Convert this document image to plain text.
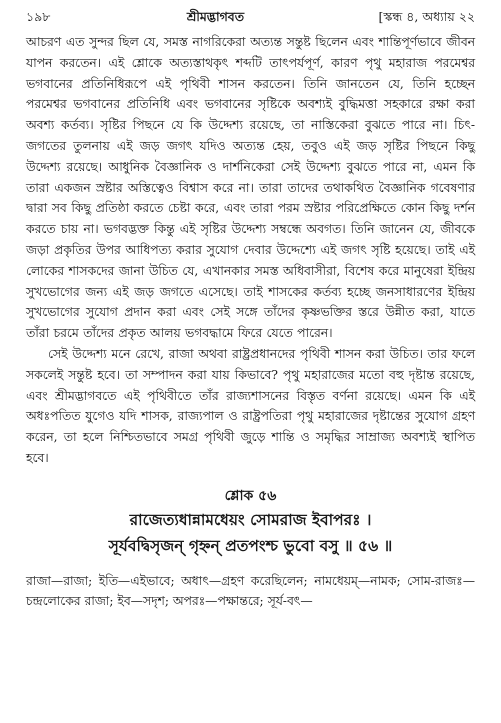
১৯৮	শ্রীমদ্ভাগবত	[স্কন্ধ ৪, অধ্যায় ২২

আচরণ এত সুন্দর ছিল যে, সমস্ত নাগরিকেরা অত্যন্ত সন্তুষ্ট ছিলেন এবং শান্তিপূর্ণভাবে জীবন যাপন করতেন। এই শ্লোকে অত্যস্তাথকৃৎ শব্দটি তাৎপর্যপূর্ণ, কারণ পৃথু মহারাজ পরমেশ্বর ভগবানের প্রতিনিধিরূপে এই পৃথিবী শাসন করতেন। তিনি জানতেন যে, তিনি হচ্ছেন পরমেশ্বর ভগবানের প্রতিনিধি এবং ভগবানের সৃষ্টিকে অবশ্যই বুদ্ধিমত্তা সহকারে রক্ষা করা অবশ্য কর্তব্য। সৃষ্টির পিছনে যে কি উদ্দেশ্য রয়েছে, তা নাস্তিকেরা বুঝতে পারে না। চিৎ-জগতের তুলনায় এই জড় জগৎ যদিও অত্যন্ত হেয়, তবুও এই জড় সৃষ্টির পিছনে কিছু উদ্দেশ্য রয়েছে। আধুনিক বৈজ্ঞানিক ও দার্শনিকেরা সেই উদ্দেশ্য বুঝতে পারে না, এমন কি তারা একজন স্রষ্টার অস্তিত্বেও বিশ্বাস করে না। তারা তাদের তথাকথিত বৈজ্ঞানিক গবেষণার দ্বারা সব কিছু প্রতিষ্ঠা করতে চেষ্টা করে, এবং তারা পরম স্রষ্টার পরিপ্রেক্ষিতে কোন কিছু দর্শন করতে চায় না। ভগবদ্ভক্ত কিন্তু এই সৃষ্টির উদ্দেশ্য সম্বন্ধে অবগত। তিনি জানেন যে, জীবকে জড়া প্রকৃতির উপর আধিপত্য করার সুযোগ দেবার উদ্দেশ্যে এই জগৎ সৃষ্টি হয়েছে। তাই এই লোকের শাসকদের জানা উচিত যে, এখানকার সমস্ত অধিবাসীরা, বিশেষ করে মানুষেরা ইন্দ্রিয় সুখভোগের জন্য এই জড় জগতে এসেছে। তাই শাসকের কর্তব্য হচ্ছে জনসাধারণের ইন্দ্রিয় সুখভোগের সুযোগ প্রদান করা এবং সেই সঙ্গে তাঁদের কৃষ্ণভক্তির স্তরে উন্নীত করা, যাতে তাঁরা চরমে তাঁদের প্রকৃত আলয় ভগবদ্ধামে ফিরে যেতে পারেন।

সেই উদ্দেশ্য মনে রেখে, রাজা অথবা রাষ্ট্রপ্রধানদের পৃথিবী শাসন করা উচিত। তার ফলে সকলেই সন্তুষ্ট হবে। তা সম্পাদন করা যায় কিভাবে? পৃথু মহারাজের মতো বহু দৃষ্টান্ত রয়েছে, এবং শ্রীমদ্ভাগবতে এই পৃথিবীতে তাঁর রাজ্যশাসনের বিস্তৃত বর্ণনা রয়েছে। এমন কি এই অধঃপতিত যুগেও যদি শাসক, রাজ্যপাল ও রাষ্ট্রপতিরা পৃথু মহারাজের দৃষ্টান্তের সুযোগ গ্রহণ করেন, তা হলে নিশ্চিতভাবে সমগ্র পৃথিবী জুড়ে শান্তি ও সমৃদ্ধির সাম্রাজ্য অবশ্যই স্থাপিত হবে।

শ্লোক ৫৬
রাজেত্যধান্নামধেয়ং সোমরাজ ইবাপরঃ ।
সূর্যবদ্বিসৃজন্ গৃহ্নন্ প্রতপংশ্চ ভুবো বসু ॥ ৫৬ ॥
রাজা—রাজা; ইতি—এইভাবে; অধাৎ—গ্রহণ করেছিলেন; নামধেয়ম্—নামক; সোম-রাজঃ—চন্দ্রলোকের রাজা; ইব—সদৃশ; অপরঃ—পক্ষান্তরে; সূর্য-বৎ—
